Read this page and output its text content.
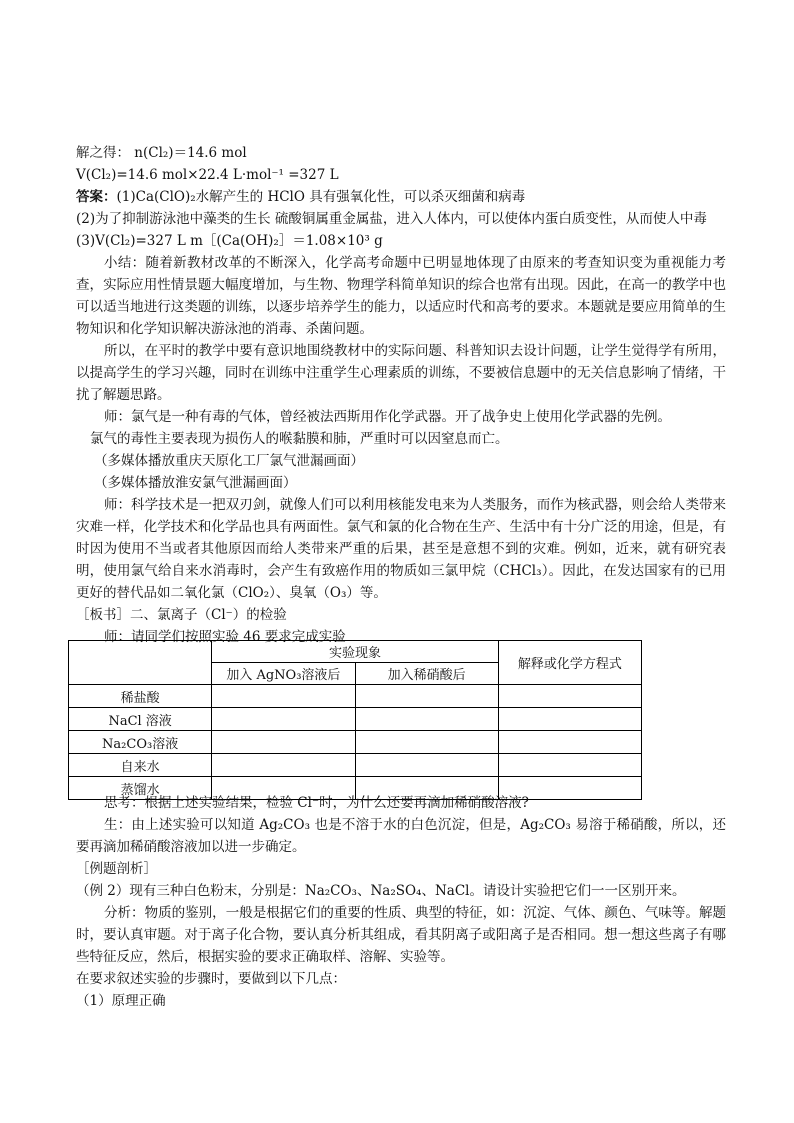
解之得： n(Cl₂)＝14.6 mol

V(Cl₂)=14.6 mol×22.4 L·mol⁻¹ =327 L

答案：(1)Ca(ClO)₂水解产生的 HClO 具有强氧化性，可以杀灭细菌和病毒

(2)为了抑制游泳池中藻类的生长 硫酸铜属重金属盐，进入人体内，可以使体内蛋白质变性，从而使人中毒

(3)V(Cl₂)=327 L m［(Ca(OH)₂］＝1.08×10³ g

小结：随着新教材改革的不断深入，化学高考命题中已明显地体现了由原来的考查知识变为重视能力考查，实际应用性情景题大幅度增加，与生物、物理学科简单知识的综合也常有出现。因此，在高一的教学中也可以适当地进行这类题的训练，以逐步培养学生的能力，以适应时代和高考的要求。本题就是要应用简单的生物知识和化学知识解决游泳池的消毒、杀菌问题。

所以，在平时的教学中要有意识地围绕教材中的实际问题、科普知识去设计问题，让学生觉得学有所用，以提高学生的学习兴趣，同时在训练中注重学生心理素质的训练，不要被信息题中的无关信息影响了情绪，干扰了解题思路。

师：氯气是一种有毒的气体，曾经被法西斯用作化学武器。开了战争史上使用化学武器的先例。

氯气的毒性主要表现为损伤人的喉黏膜和肺，严重时可以因窒息而亡。

（多媒体播放重庆天原化工厂氯气泄漏画面）

（多媒体播放淮安氯气泄漏画面）

师：科学技术是一把双刃剑，就像人们可以利用核能发电来为人类服务，而作为核武器，则会给人类带来灾难一样，化学技术和化学品也具有两面性。氯气和氯的化合物在生产、生活中有十分广泛的用途，但是，有时因为使用不当或者其他原因而给人类带来严重的后果，甚至是意想不到的灾难。例如，近来，就有研究表明，使用氯气给自来水消毒时，会产生有致癌作用的物质如三氯甲烷（CHCl₃）。因此，在发达国家有的已用更好的替代品如二氧化氯（ClO₂）、臭氧（O₃）等。

［板书］二、氯离子（Cl⁻）的检验

师：请同学们按照实验 46 要求完成实验

	实验现象		解释或化学方程式
	加入 AgNO₃溶液后	加入稀硝酸后	
稀盐酸			
NaCl 溶液			
Na₂CO₃溶液			
自来水			
蒸馏水			

思考：根据上述实验结果，检验 Cl⁻时，为什么还要再滴加稀硝酸溶液?

生：由上述实验可以知道 Ag₂CO₃ 也是不溶于水的白色沉淀，但是，Ag₂CO₃ 易溶于稀硝酸，所以，还要再滴加稀硝酸溶液加以进一步确定。

［例题剖析］

（例 2）现有三种白色粉末，分别是：Na₂CO₃、Na₂SO₄、NaCl。请设计实验把它们一一区别开来。

分析：物质的鉴别，一般是根据它们的重要的性质、典型的特征，如：沉淀、气体、颜色、气味等。解题时，要认真审题。对于离子化合物，要认真分析其组成，看其阴离子或阳离子是否相同。想一想这些离子有哪些特征反应，然后，根据实验的要求正确取样、溶解、实验等。

在要求叙述实验的步骤时，要做到以下几点：

（1）原理正确
